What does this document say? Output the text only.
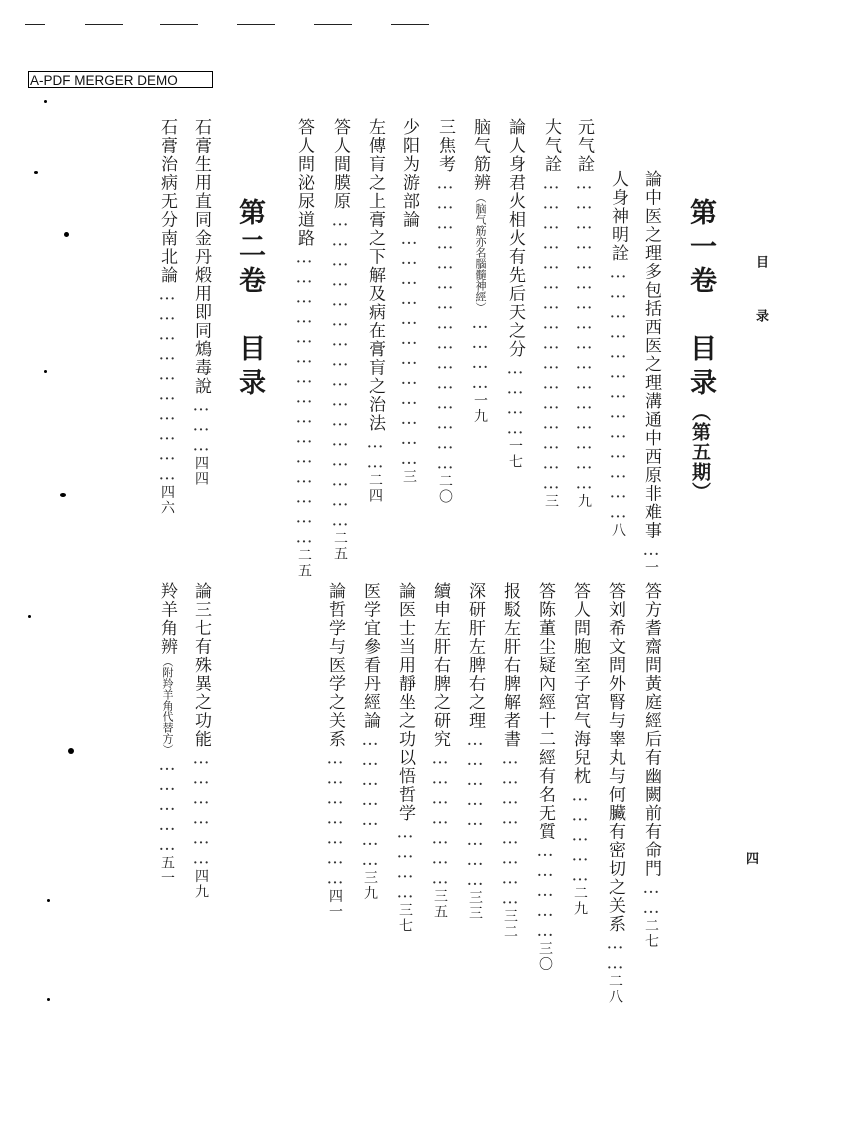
A-PDF MERGER DEMO
目　录
四
第一卷　目录（第五期）
論中医之理多包括西医之理溝通中西原非难事…一
人身神明詮…………………………………八
元气詮…………………………………………九
大气詮…………………………………………三
論人身君火相火有先后天之分…………一七
脑气筋辨（脑气筋亦名腦髓神經）…………一九
三焦考………………………………………二〇
少阳为游部論………………………………三
左傳肓之上膏之下解及病在膏肓之治法……二四
答人間膜原…………………………………………二五
答人問泌尿道路………………………………………二五
第二卷　目录
石膏生用直同金丹煅用即同鴆毒說………四四
石膏治病无分南北論…………………………四六
答方耆齋問黃庭經后有幽闕前有命門……二七
答刘希文問外腎与睾丸与何臟有密切之关系……二八
答人問胞室子宮气海兒枕……………二九
答陈董尘疑內經十二經有名无質……………三〇
报駁左肝右脾解者書……………………三二
深研肝左脾右之理……………………三三
續申左肝右脾之研究…………………三五
論医士当用靜坐之功以悟哲学…………三七
医学宜參看丹經論…………………三九
論哲学与医学之关系…………………四一
論三七有殊異之功能………………四九
羚羊角辨（附羚羊角代替方）……………五一
